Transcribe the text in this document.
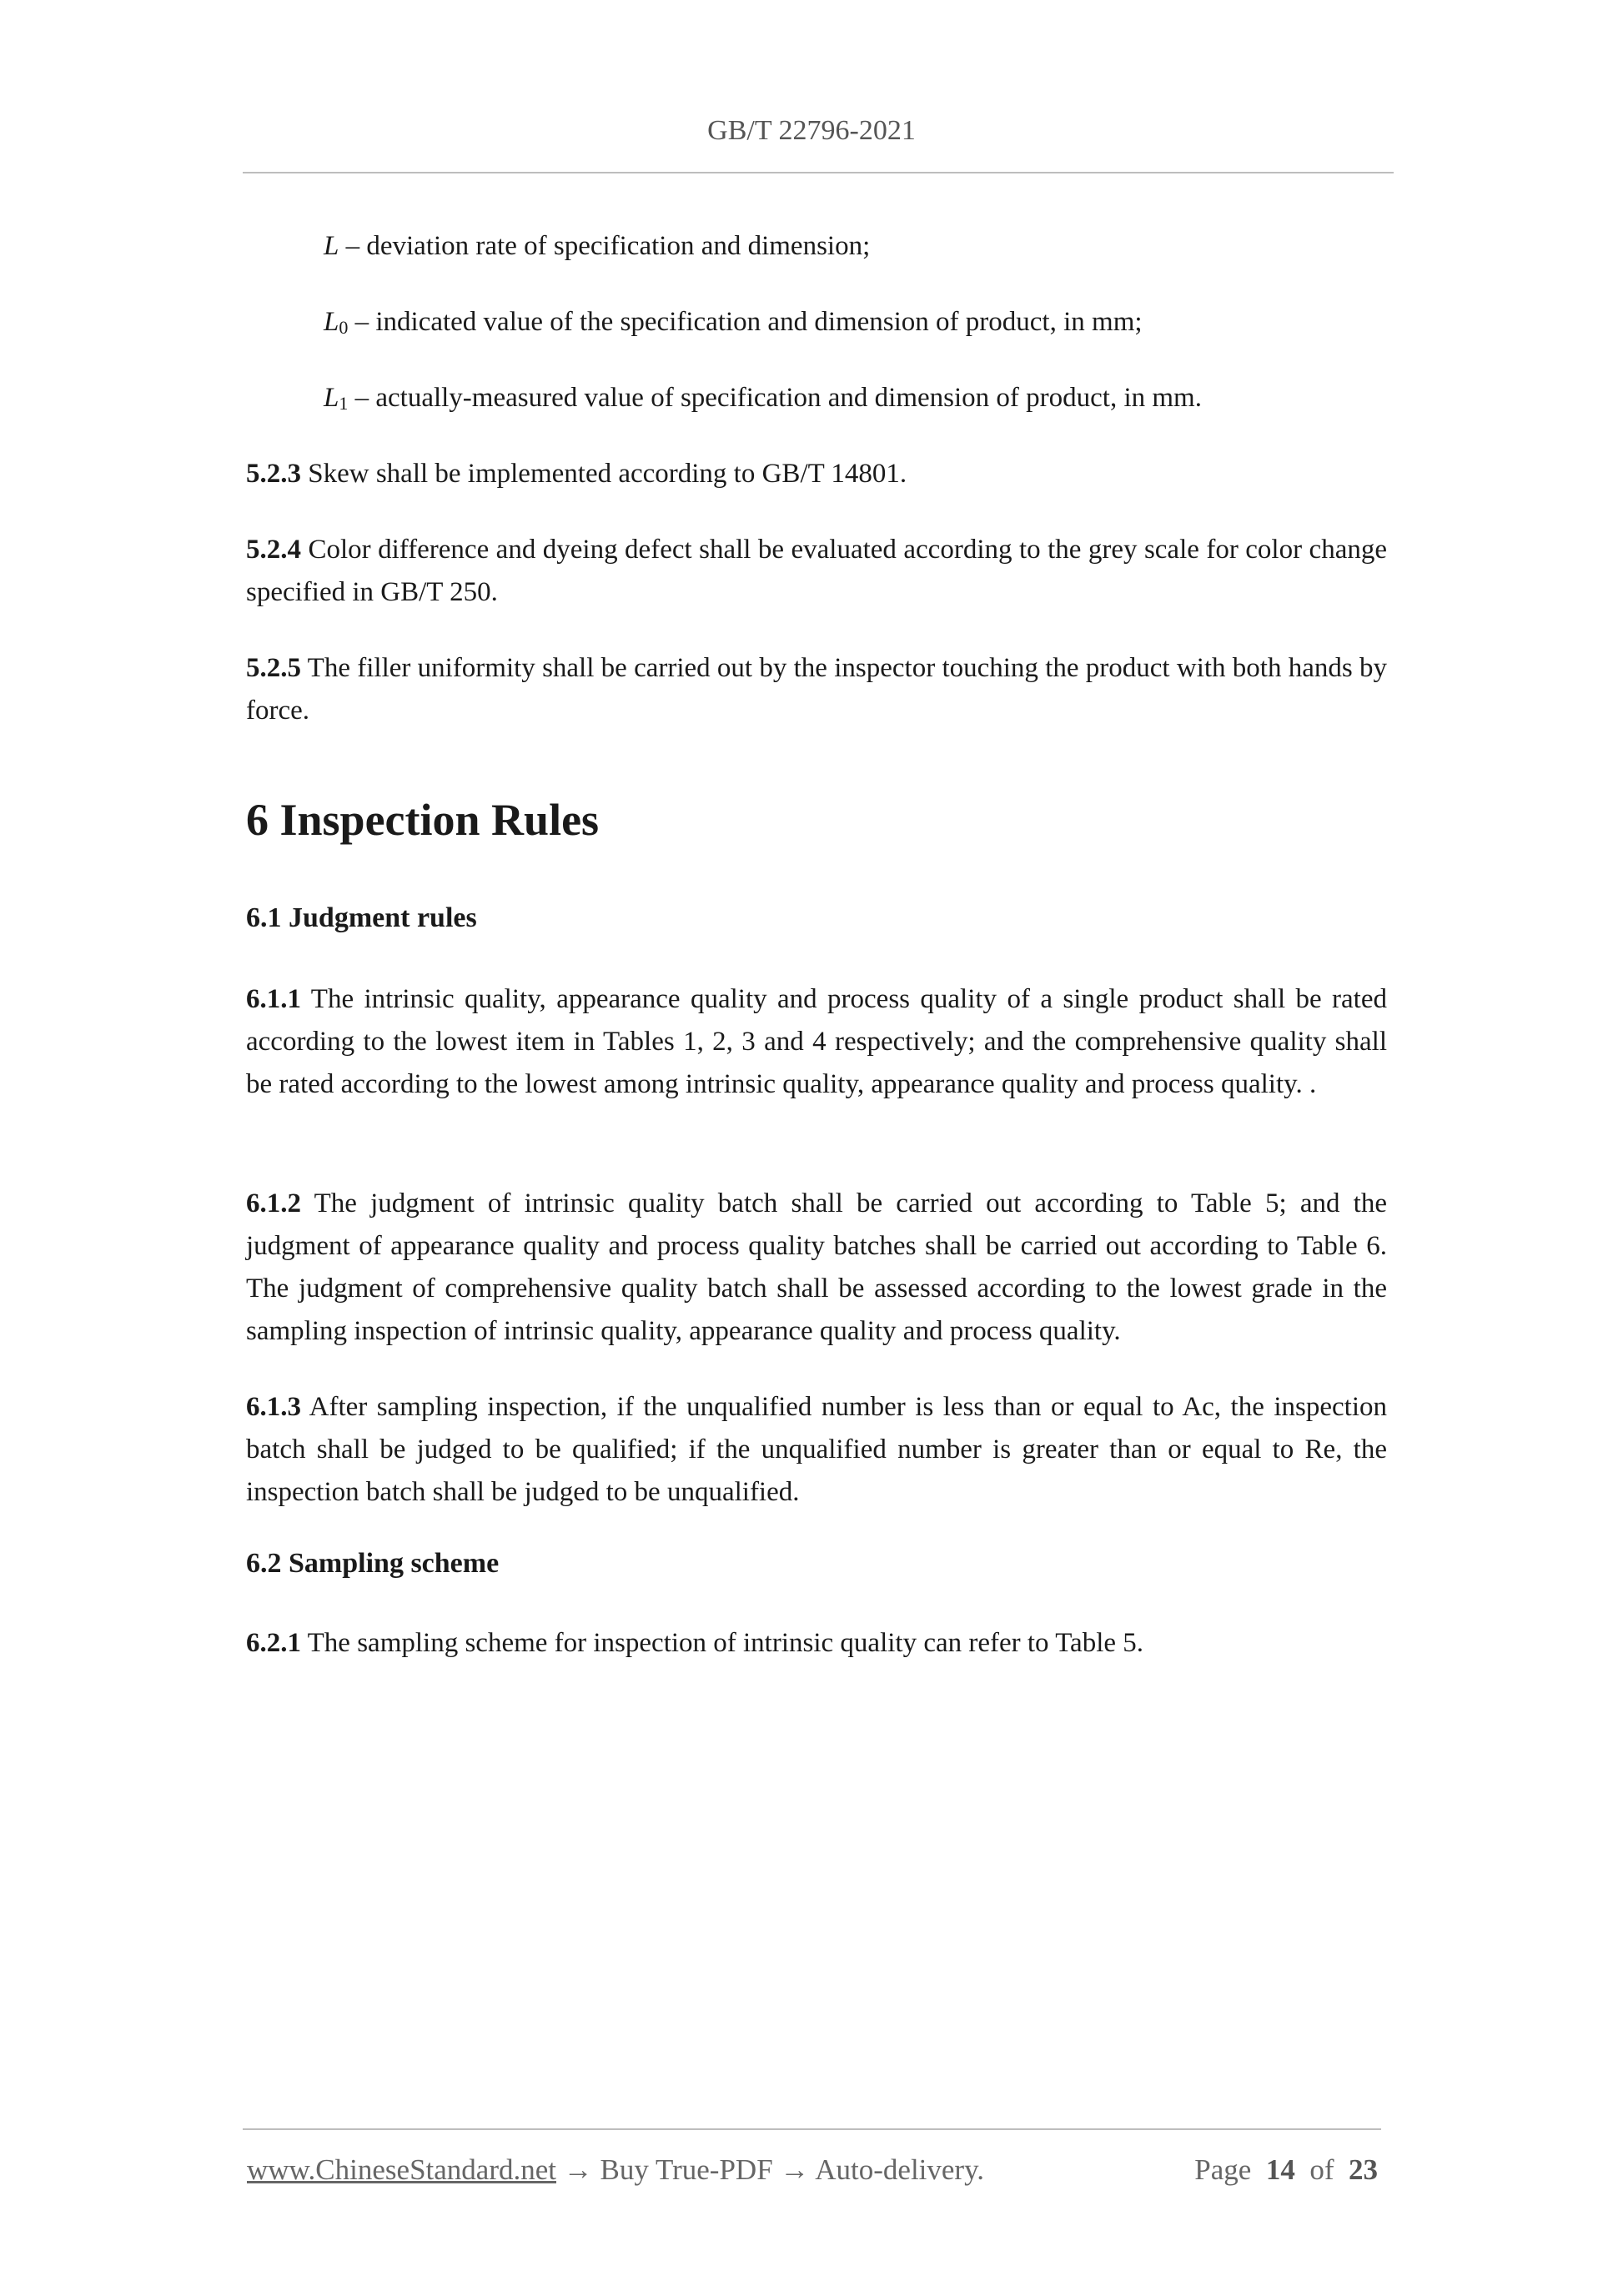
GB/T 22796-2021
L – deviation rate of specification and dimension;
$L_0$ – indicated value of the specification and dimension of product, in mm;
$L_1$ – actually-measured value of specification and dimension of product, in mm.
5.2.3 Skew shall be implemented according to GB/T 14801.
5.2.4 Color difference and dyeing defect shall be evaluated according to the grey scale for color change specified in GB/T 250.
5.2.5 The filler uniformity shall be carried out by the inspector touching the product with both hands by force.
6 Inspection Rules
6.1 Judgment rules
6.1.1 The intrinsic quality, appearance quality and process quality of a single product shall be rated according to the lowest item in Tables 1, 2, 3 and 4 respectively; and the comprehensive quality shall be rated according to the lowest among intrinsic quality, appearance quality and process quality. .
6.1.2 The judgment of intrinsic quality batch shall be carried out according to Table 5; and the judgment of appearance quality and process quality batches shall be carried out according to Table 6. The judgment of comprehensive quality batch shall be assessed according to the lowest grade in the sampling inspection of intrinsic quality, appearance quality and process quality.
6.1.3 After sampling inspection, if the unqualified number is less than or equal to Ac, the inspection batch shall be judged to be qualified; if the unqualified number is greater than or equal to Re, the inspection batch shall be judged to be unqualified.
6.2 Sampling scheme
6.2.1 The sampling scheme for inspection of intrinsic quality can refer to Table 5.
www.ChineseStandard.net → Buy True-PDF → Auto-delivery.	Page 14 of 23
